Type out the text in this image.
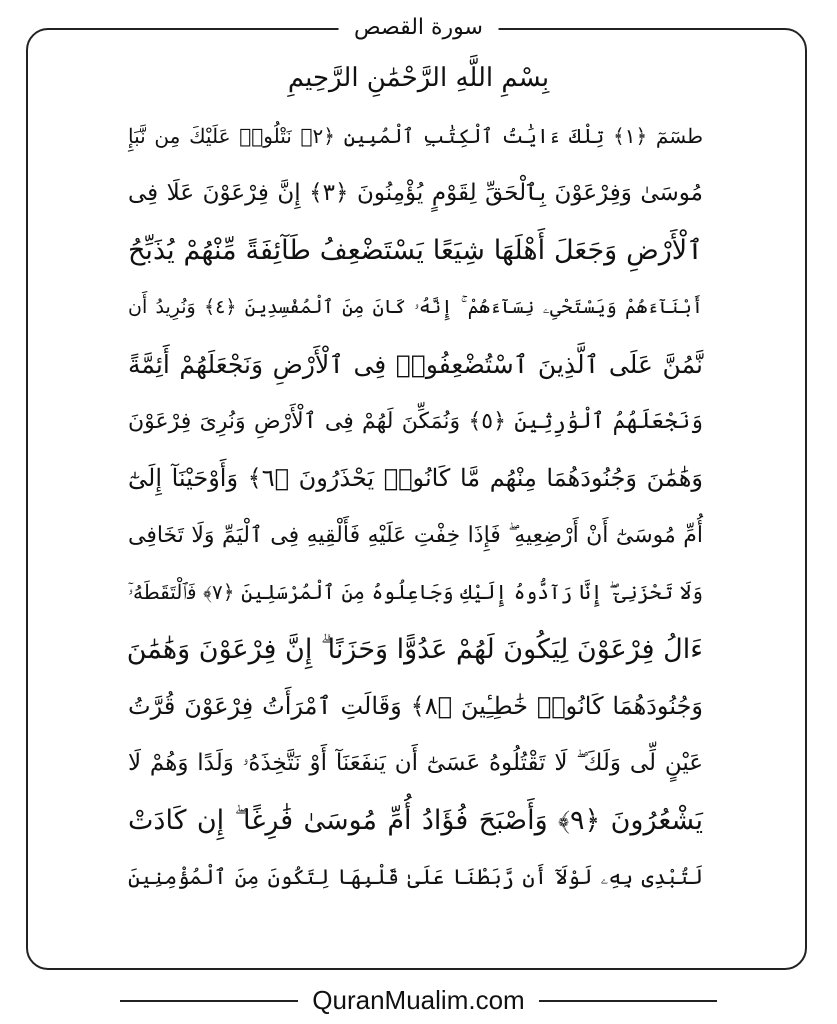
سورة القصص
بِسْمِ اللَّهِ الرَّحْمَٰنِ الرَّحِيمِ
طسٓمٓ ﴿١﴾ تِلْكَ ءَايَٰتُ ٱلْكِتَٰبِ ٱلْمُبِينِ ﴿٢﴾ نَتْلُوا۟ عَلَيْكَ مِن نَّبَإِ
مُوسَىٰ وَفِرْعَوْنَ بِٱلْحَقِّ لِقَوْمٍ يُؤْمِنُونَ ﴿٣﴾ إِنَّ فِرْعَوْنَ عَلَا فِى
ٱلْأَرْضِ وَجَعَلَ أَهْلَهَا شِيَعًا يَسْتَضْعِفُ طَآئِفَةً مِّنْهُمْ يُذَبِّحُ
أَبْنَآءَهُمْ وَيَسْتَحْىِۦ نِسَآءَهُمْ ۚ إِنَّهُۥ كَانَ مِنَ ٱلْمُفْسِدِينَ ﴿٤﴾ وَنُرِيدُ أَن
نَّمُنَّ عَلَى ٱلَّذِينَ ٱسْتُضْعِفُوا۟ فِى ٱلْأَرْضِ وَنَجْعَلَهُمْ أَئِمَّةً
وَنَجْعَلَهُمُ ٱلْوَٰرِثِينَ ﴿٥﴾ وَنُمَكِّنَ لَهُمْ فِى ٱلْأَرْضِ وَنُرِىَ فِرْعَوْنَ
وَهَٰمَٰنَ وَجُنُودَهُمَا مِنْهُم مَّا كَانُوا۟ يَحْذَرُونَ ﴿٦﴾ وَأَوْحَيْنَآ إِلَىٰٓ
أُمِّ مُوسَىٰٓ أَنْ أَرْضِعِيهِ ۖ فَإِذَا خِفْتِ عَلَيْهِ فَأَلْقِيهِ فِى ٱلْيَمِّ وَلَا تَخَافِى
وَلَا تَحْزَنِىٓ ۖ إِنَّا رَآدُّوهُ إِلَيْكِ وَجَاعِلُوهُ مِنَ ٱلْمُرْسَلِينَ ﴿٧﴾ فَٱلْتَقَطَهُۥٓ
ءَالُ فِرْعَوْنَ لِيَكُونَ لَهُمْ عَدُوًّا وَحَزَنًا ۗ إِنَّ فِرْعَوْنَ وَهَٰمَٰنَ
وَجُنُودَهُمَا كَانُوا۟ خَٰطِـِٔينَ ﴿٨﴾ وَقَالَتِ ٱمْرَأَتُ فِرْعَوْنَ قُرَّتُ
عَيْنٍ لِّى وَلَكَ ۖ لَا تَقْتُلُوهُ عَسَىٰٓ أَن يَنفَعَنَآ أَوْ نَتَّخِذَهُۥ وَلَدًا وَهُمْ لَا
يَشْعُرُونَ ﴿٩﴾ وَأَصْبَحَ فُؤَادُ أُمِّ مُوسَىٰ فَٰرِغًا ۖ إِن كَادَتْ
لَتُبْدِى بِهِۦ لَوْلَآ أَن رَّبَطْنَا عَلَىٰ قَلْبِهَا لِتَكُونَ مِنَ ٱلْمُؤْمِنِينَ
QuranMualim.com
